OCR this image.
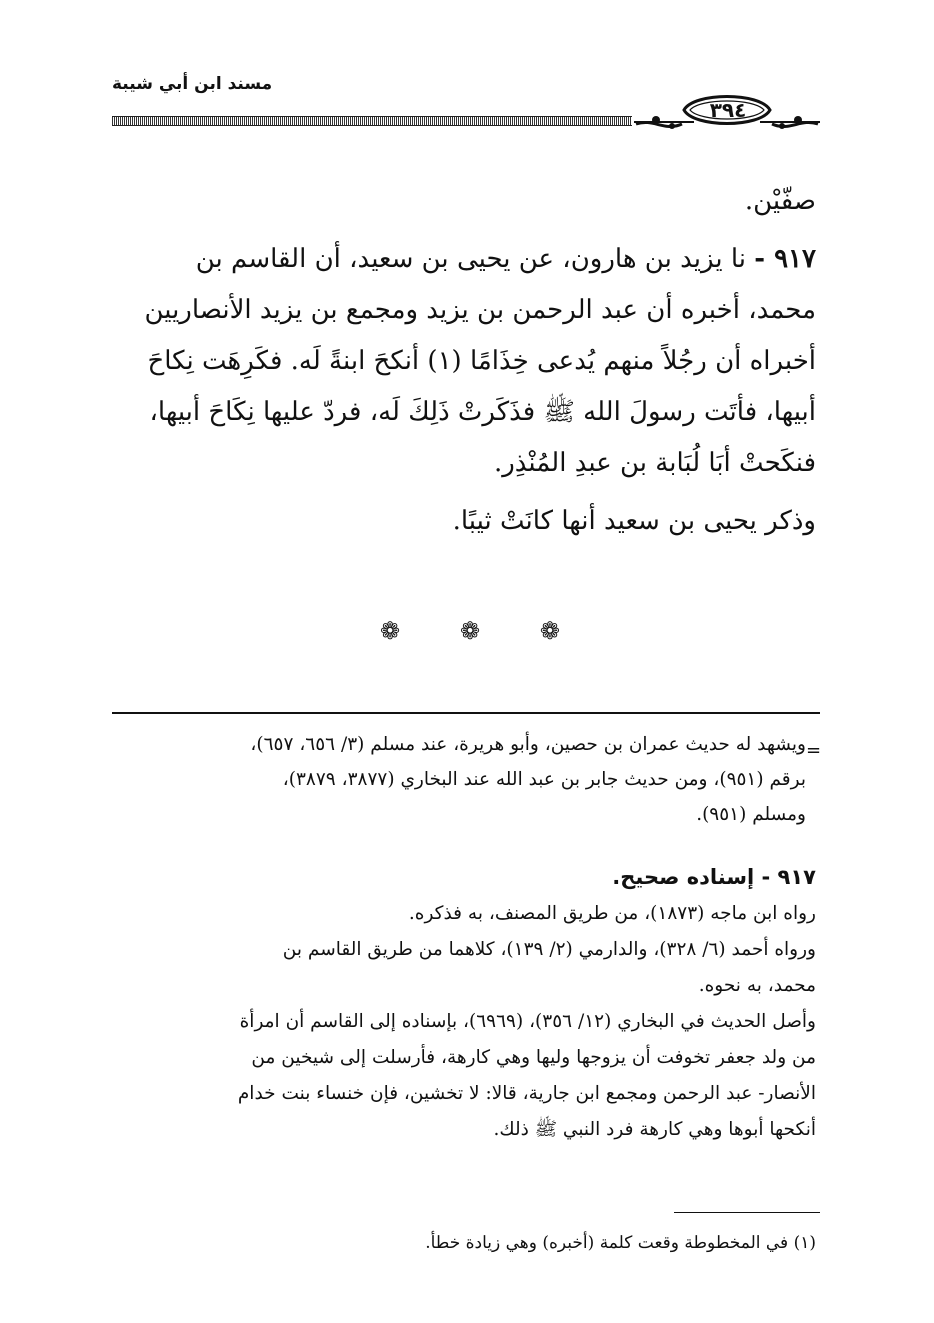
مسند ابن أبي شيبة
٣٩٤
صفّيْن.
٩١٧ - نا يزيد بن هارون، عن يحيى بن سعيد، أن القاسم بن
محمد، أخبره أن عبد الرحمن بن يزيد ومجمع بن يزيد الأنصاريين
أخبراه أن رجُلاً منهم يُدعى خِذَامًا (١) أنكحَ ابنةً لَه. فكَرِهَت نِكاحَ
أبيها، فأتَت رسولَ الله ﷺ فذَكَرتْ ذَلِكَ لَه، فردّ عليها نِكَاحَ أبيها،
فنكَحتْ أبَا لُبَابة بن عبدِ المُنْذِر.
وذكر يحيى بن سعيد أنها كانَتْ ثيبًا.
❁ ❁ ❁
=
ويشهد له حديث عمران بن حصين، وأبو هريرة، عند مسلم (٣/ ٦٥٦، ٦٥٧)،
برقم (٩٥١)، ومن حديث جابر بن عبد الله عند البخاري (٣٨٧٧، ٣٨٧٩)،
ومسلم (٩٥١).
٩١٧ - إسناده صحيح.
رواه ابن ماجه (١٨٧٣)، من طريق المصنف، به فذكره.
ورواه أحمد (٦/ ٣٢٨)، والدارمي (٢/ ١٣٩)، كلاهما من طريق القاسم بن
محمد، به نحوه.
وأصل الحديث في البخاري (١٢/ ٣٥٦)، (٦٩٦٩)، بإسناده إلى القاسم أن امرأة
من ولد جعفر تخوفت أن يزوجها وليها وهي كارهة، فأرسلت إلى شيخين من
الأنصار- عبد الرحمن ومجمع ابن جارية، قالا: لا تخشين، فإن خنساء بنت خدام
أنكحها أبوها وهي كارهة فرد النبي ﷺ ذلك.
(١) في المخطوطة وقعت كلمة (أخبره) وهي زيادة خطأ.
